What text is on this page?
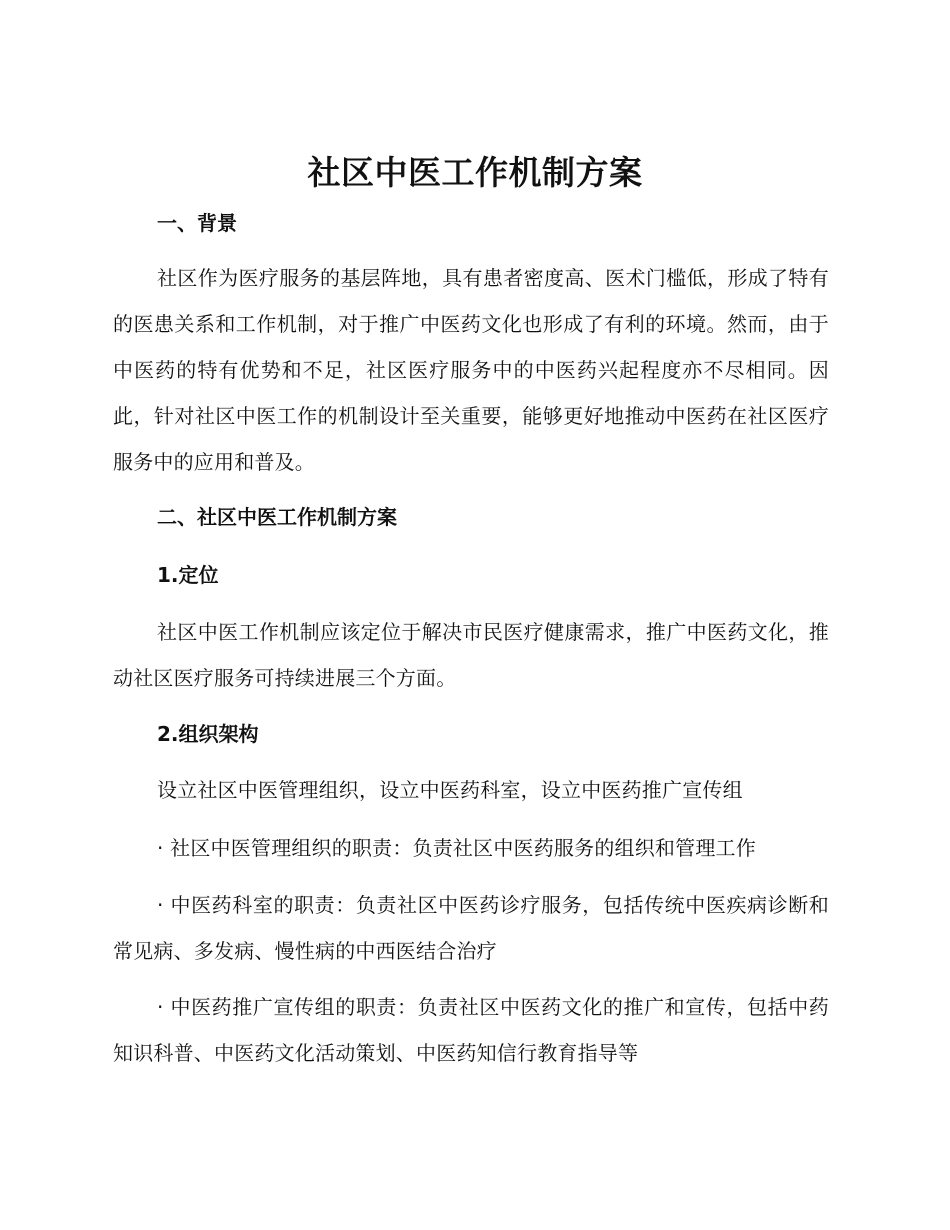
社区中医工作机制方案
一、背景

社区作为医疗服务的基层阵地，具有患者密度高、医术门槛低，形成了特有的医患关系和工作机制，对于推广中医药文化也形成了有利的环境。然而，由于中医药的特有优势和不足，社区医疗服务中的中医药兴起程度亦不尽相同。因此，针对社区中医工作的机制设计至关重要，能够更好地推动中医药在社区医疗服务中的应用和普及。

二、社区中医工作机制方案
1.定位

社区中医工作机制应该定位于解决市民医疗健康需求，推广中医药文化，推动社区医疗服务可持续进展三个方面。

2.组织架构

设立社区中医管理组织，设立中医药科室，设立中医药推广宣传组

· 社区中医管理组织的职责：负责社区中医药服务的组织和管理工作

· 中医药科室的职责：负责社区中医药诊疗服务，包括传统中医疾病诊断和常见病、多发病、慢性病的中西医结合治疗

· 中医药推广宣传组的职责：负责社区中医药文化的推广和宣传，包括中药知识科普、中医药文化活动策划、中医药知信行教育指导等
